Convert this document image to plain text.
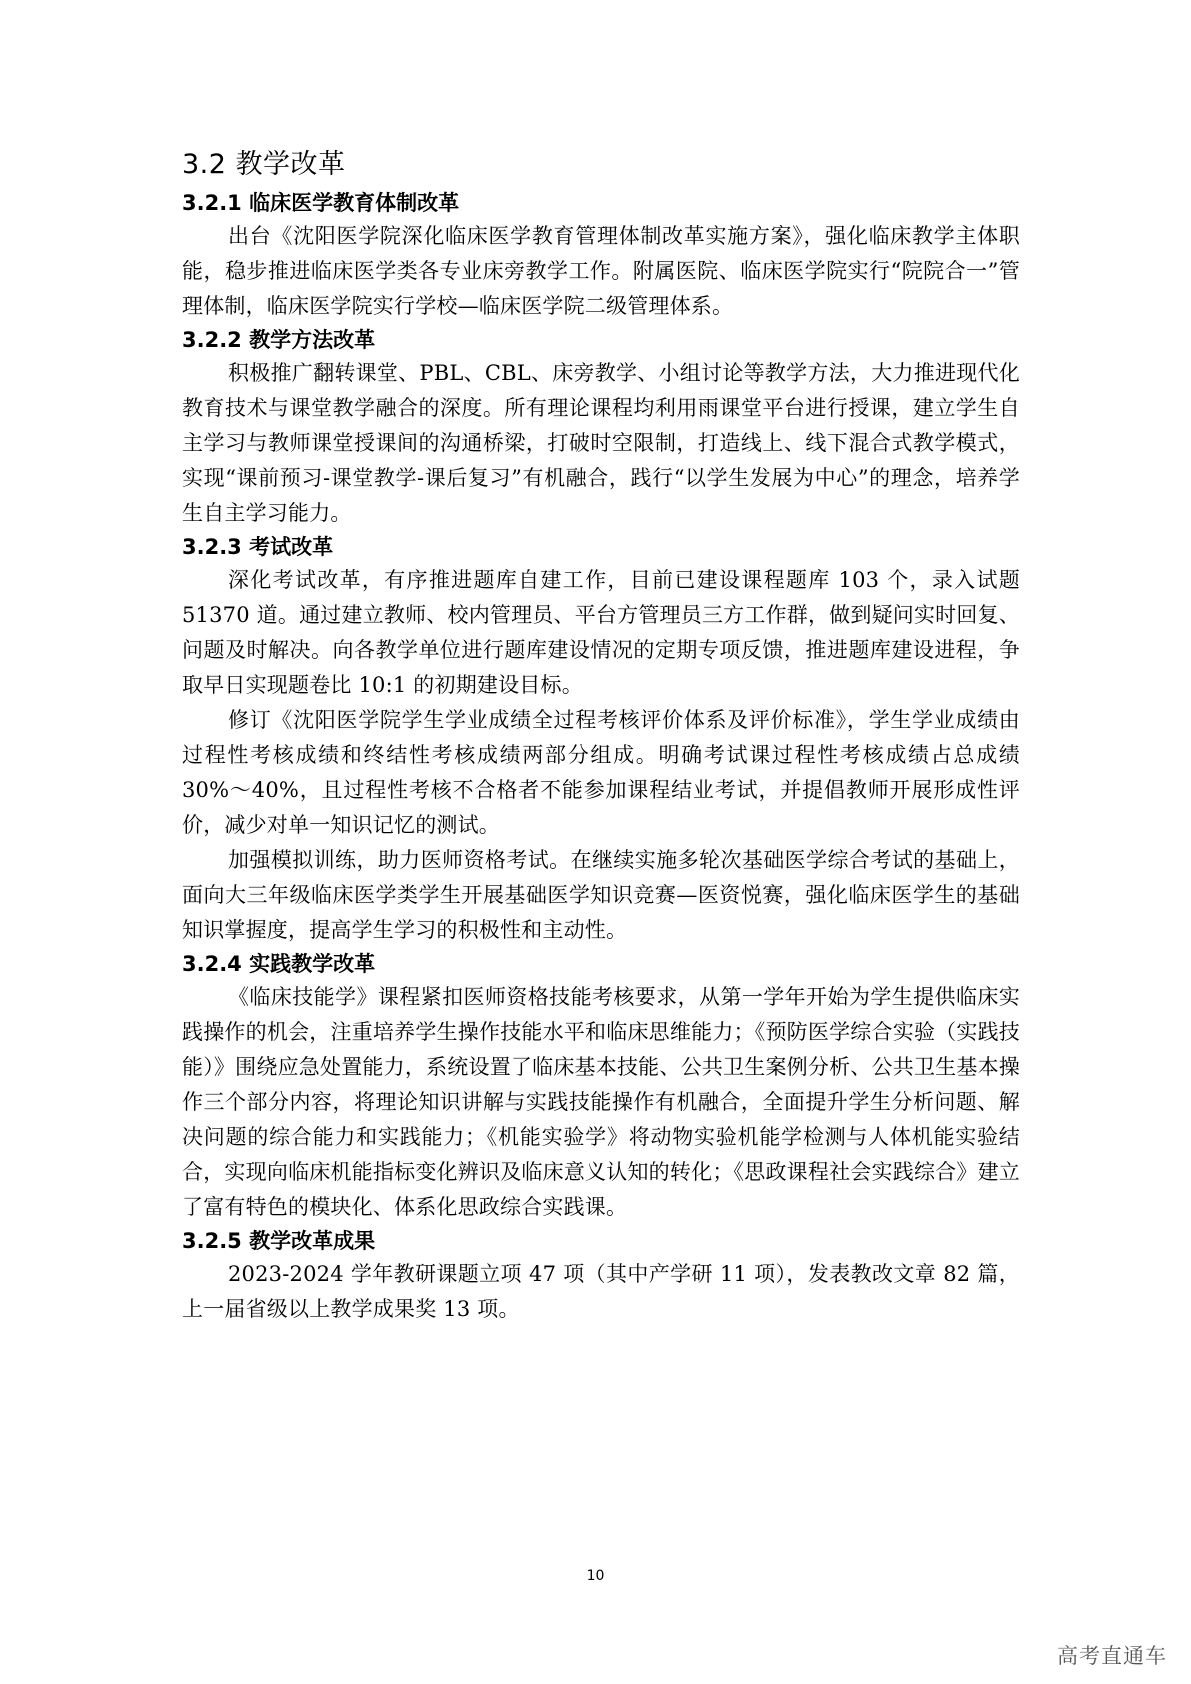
3.2 教学改革
3.2.1 临床医学教育体制改革

出台《沈阳医学院深化临床医学教育管理体制改革实施方案》，强化临床教学主体职能，稳步推进临床医学类各专业床旁教学工作。附属医院、临床医学院实行“院院合一”管理体制，临床医学院实行学校—临床医学院二级管理体系。

3.2.2 教学方法改革

积极推广翻转课堂、PBL、CBL、床旁教学、小组讨论等教学方法，大力推进现代化教育技术与课堂教学融合的深度。所有理论课程均利用雨课堂平台进行授课，建立学生自主学习与教师课堂授课间的沟通桥梁，打破时空限制，打造线上、线下混合式教学模式，实现“课前预习-课堂教学-课后复习”有机融合，践行“以学生发展为中心”的理念，培养学生自主学习能力。

3.2.3 考试改革

深化考试改革，有序推进题库自建工作，目前已建设课程题库 103 个，录入试题 51370 道。通过建立教师、校内管理员、平台方管理员三方工作群，做到疑问实时回复、问题及时解决。向各教学单位进行题库建设情况的定期专项反馈，推进题库建设进程，争取早日实现题卷比 10:1 的初期建设目标。

修订《沈阳医学院学生学业成绩全过程考核评价体系及评价标准》，学生学业成绩由过程性考核成绩和终结性考核成绩两部分组成。明确考试课过程性考核成绩占总成绩 30%～40%，且过程性考核不合格者不能参加课程结业考试，并提倡教师开展形成性评价，减少对单一知识记忆的测试。

加强模拟训练，助力医师资格考试。在继续实施多轮次基础医学综合考试的基础上，面向大三年级临床医学类学生开展基础医学知识竞赛—医资悦赛，强化临床医学生的基础知识掌握度，提高学生学习的积极性和主动性。

3.2.4 实践教学改革

《临床技能学》课程紧扣医师资格技能考核要求，从第一学年开始为学生提供临床实践操作的机会，注重培养学生操作技能水平和临床思维能力；《预防医学综合实验（实践技能）》围绕应急处置能力，系统设置了临床基本技能、公共卫生案例分析、公共卫生基本操作三个部分内容，将理论知识讲解与实践技能操作有机融合，全面提升学生分析问题、解决问题的综合能力和实践能力；《机能实验学》将动物实验机能学检测与人体机能实验结合，实现向临床机能指标变化辨识及临床意义认知的转化；《思政课程社会实践综合》建立了富有特色的模块化、体系化思政综合实践课。

3.2.5 教学改革成果

2023-2024 学年教研课题立项 47 项（其中产学研 11 项），发表教改文章 82 篇，上一届省级以上教学成果奖 13 项。

10
高考直通车
